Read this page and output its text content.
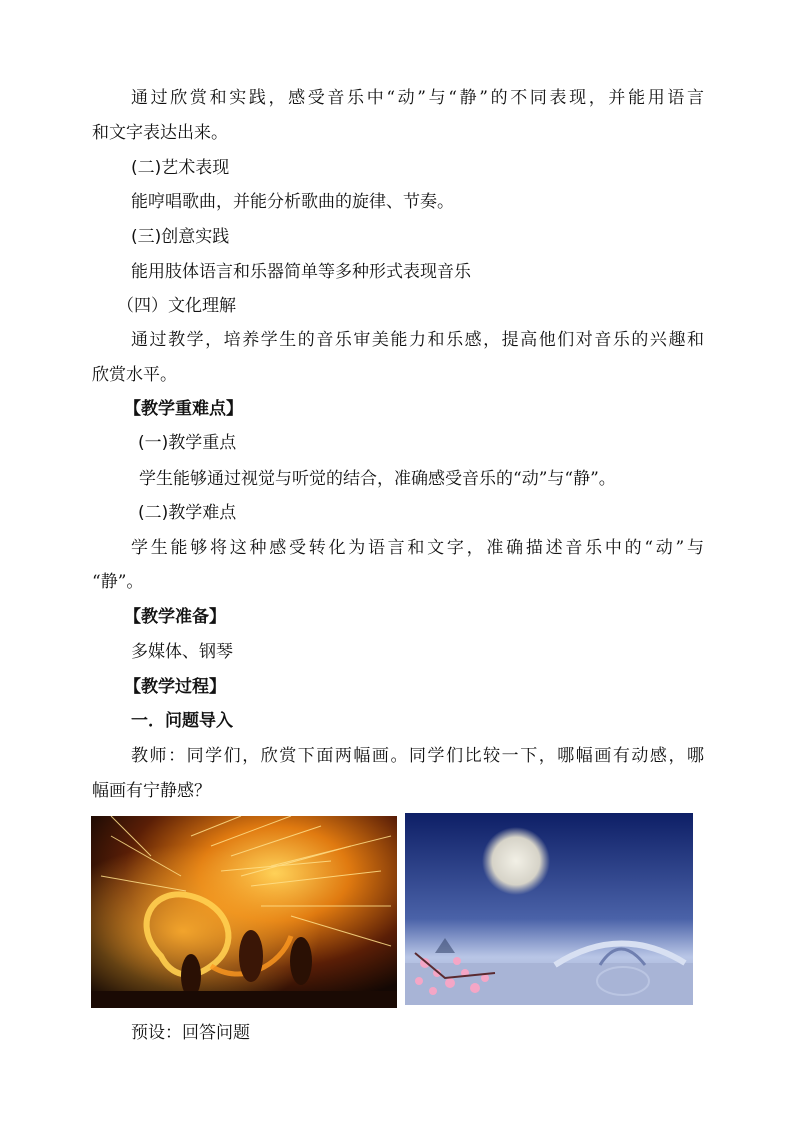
通过欣赏和实践，感受音乐中“动”与“静”的不同表现，并能用语言
和文字表达出来。
(二)艺术表现
能哼唱歌曲，并能分析歌曲的旋律、节奏。
(三)创意实践
能用肢体语言和乐器简单等多种形式表现音乐
（四）文化理解
通过教学，培养学生的音乐审美能力和乐感，提高他们对音乐的兴趣和
欣赏水平。
【教学重难点】
(一)教学重点
学生能够通过视觉与听觉的结合，准确感受音乐的“动”与“静”。
(二)教学难点
学生能够将这种感受转化为语言和文字，准确描述音乐中的“动”与
“静”。
【教学准备】
多媒体、钢琴
【教学过程】
一．问题导入
教师：同学们，欣赏下面两幅画。同学们比较一下，哪幅画有动感，哪
幅画有宁静感？
预设：回答问题
